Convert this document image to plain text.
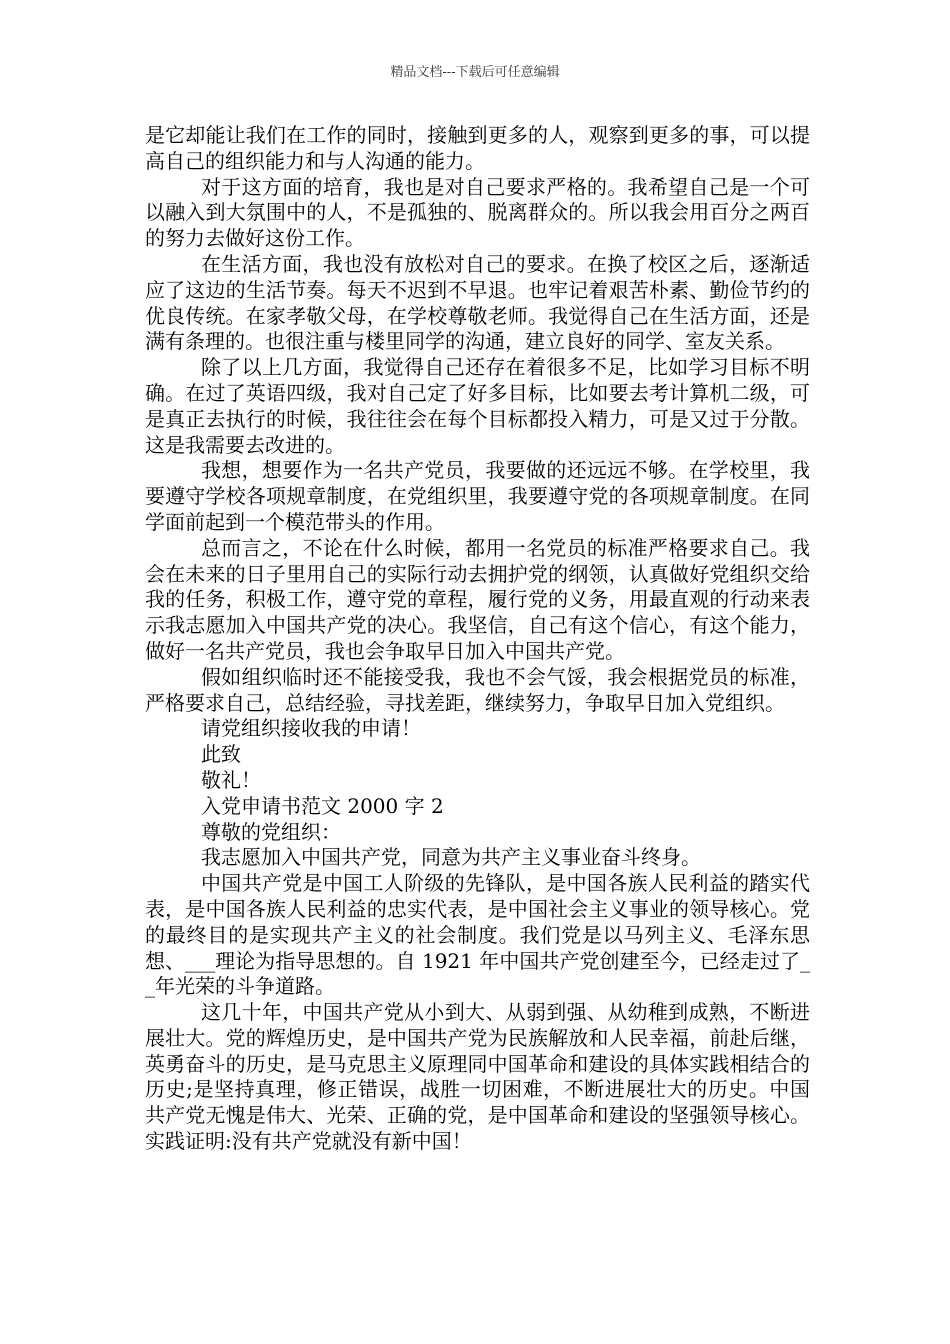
精品文档---下载后可任意编辑

是它却能让我们在工作的同时，接触到更多的人，观察到更多的事，可以提高自己的组织能力和与人沟通的能力。

对于这方面的培育，我也是对自己要求严格的。我希望自己是一个可以融入到大氛围中的人，不是孤独的、脱离群众的。所以我会用百分之两百的努力去做好这份工作。

在生活方面，我也没有放松对自己的要求。在换了校区之后，逐渐适应了这边的生活节奏。每天不迟到不早退。也牢记着艰苦朴素、勤俭节约的优良传统。在家孝敬父母，在学校尊敬老师。我觉得自己在生活方面，还是满有条理的。也很注重与楼里同学的沟通，建立良好的同学、室友关系。

除了以上几方面，我觉得自己还存在着很多不足，比如学习目标不明确。在过了英语四级，我对自己定了好多目标，比如要去考计算机二级，可是真正去执行的时候，我往往会在每个目标都投入精力，可是又过于分散。这是我需要去改进的。

我想，想要作为一名共产党员，我要做的还远远不够。在学校里，我要遵守学校各项规章制度，在党组织里，我要遵守党的各项规章制度。在同学面前起到一个模范带头的作用。

总而言之，不论在什么时候，都用一名党员的标准严格要求自己。我会在未来的日子里用自己的实际行动去拥护党的纲领，认真做好党组织交给我的任务，积极工作，遵守党的章程，履行党的义务，用最直观的行动来表示我志愿加入中国共产党的决心。我坚信，自己有这个信心，有这个能力，做好一名共产党员，我也会争取早日加入中国共产党。

假如组织临时还不能接受我，我也不会气馁，我会根据党员的标准，严格要求自己，总结经验，寻找差距，继续努力，争取早日加入党组织。

请党组织接收我的申请！

此致

敬礼！

入党申请书范文 2000 字 2

尊敬的党组织：

我志愿加入中国共产党，同意为共产主义事业奋斗终身。

中国共产党是中国工人阶级的先锋队，是中国各族人民利益的踏实代表，是中国各族人民利益的忠实代表，是中国社会主义事业的领导核心。党的最终目的是实现共产主义的社会制度。我们党是以马列主义、毛泽东思想、___理论为指导思想的。自 1921 年中国共产党创建至今，已经走过了__年光荣的斗争道路。

这几十年，中国共产党从小到大、从弱到强、从幼稚到成熟，不断进展壮大。党的辉煌历史，是中国共产党为民族解放和人民幸福，前赴后继，英勇奋斗的历史，是马克思主义原理同中国革命和建设的具体实践相结合的历史;是坚持真理，修正错误，战胜一切困难，不断进展壮大的历史。中国共产党无愧是伟大、光荣、正确的党，是中国革命和建设的坚强领导核心。实践证明:没有共产党就没有新中国！
